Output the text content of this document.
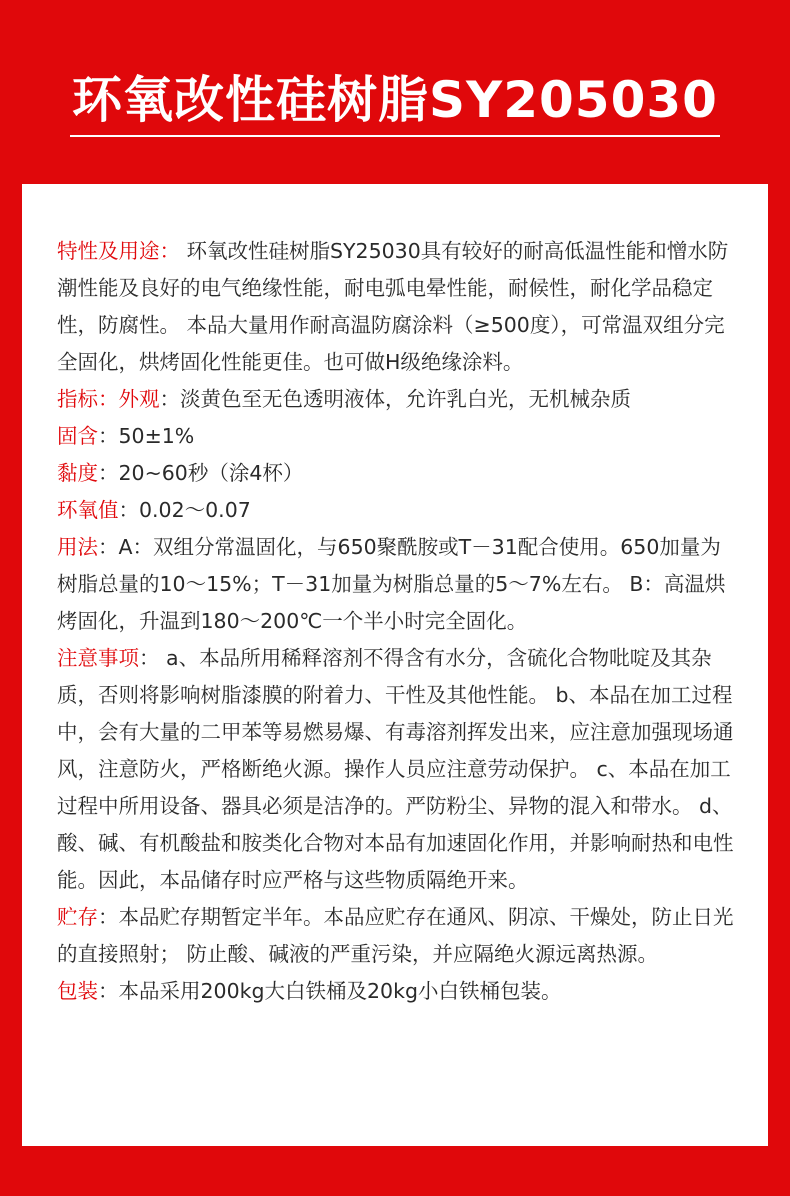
环氧改性硅树脂SY205030

特性及用途： 环氧改性硅树脂SY25030具有较好的耐高低温性能和憎水防潮性能及良好的电气绝缘性能，耐电弧电晕性能，耐候性，耐化学品稳定性，防腐性。 本品大量用作耐高温防腐涂料（≥500度），可常温双组分完全固化，烘烤固化性能更佳。也可做H级绝缘涂料。

指标：外观：淡黄色至无色透明液体，允许乳白光，无机械杂质

固含：50±1%

黏度：20~60秒（涂4杯）

环氧值：0.02～0.07

用法：A：双组分常温固化，与650聚酰胺或T－31配合使用。650加量为树脂总量的10～15%；T－31加量为树脂总量的5～7%左右。 B：高温烘烤固化，升温到180～200℃一个半小时完全固化。

注意事项： a、本品所用稀释溶剂不得含有水分，含硫化合物吡啶及其杂质，否则将影响树脂漆膜的附着力、干性及其他性能。 b、本品在加工过程中，会有大量的二甲苯等易燃易爆、有毒溶剂挥发出来，应注意加强现场通风，注意防火，严格断绝火源。操作人员应注意劳动保护。 c、本品在加工过程中所用设备、器具必须是洁净的。严防粉尘、异物的混入和带水。 d、酸、碱、有机酸盐和胺类化合物对本品有加速固化作用，并影响耐热和电性能。因此，本品储存时应严格与这些物质隔绝开来。

贮存：本品贮存期暂定半年。本品应贮存在通风、阴凉、干燥处，防止日光的直接照射； 防止酸、碱液的严重污染，并应隔绝火源远离热源。

包装：本品采用200kg大白铁桶及20kg小白铁桶包装。
